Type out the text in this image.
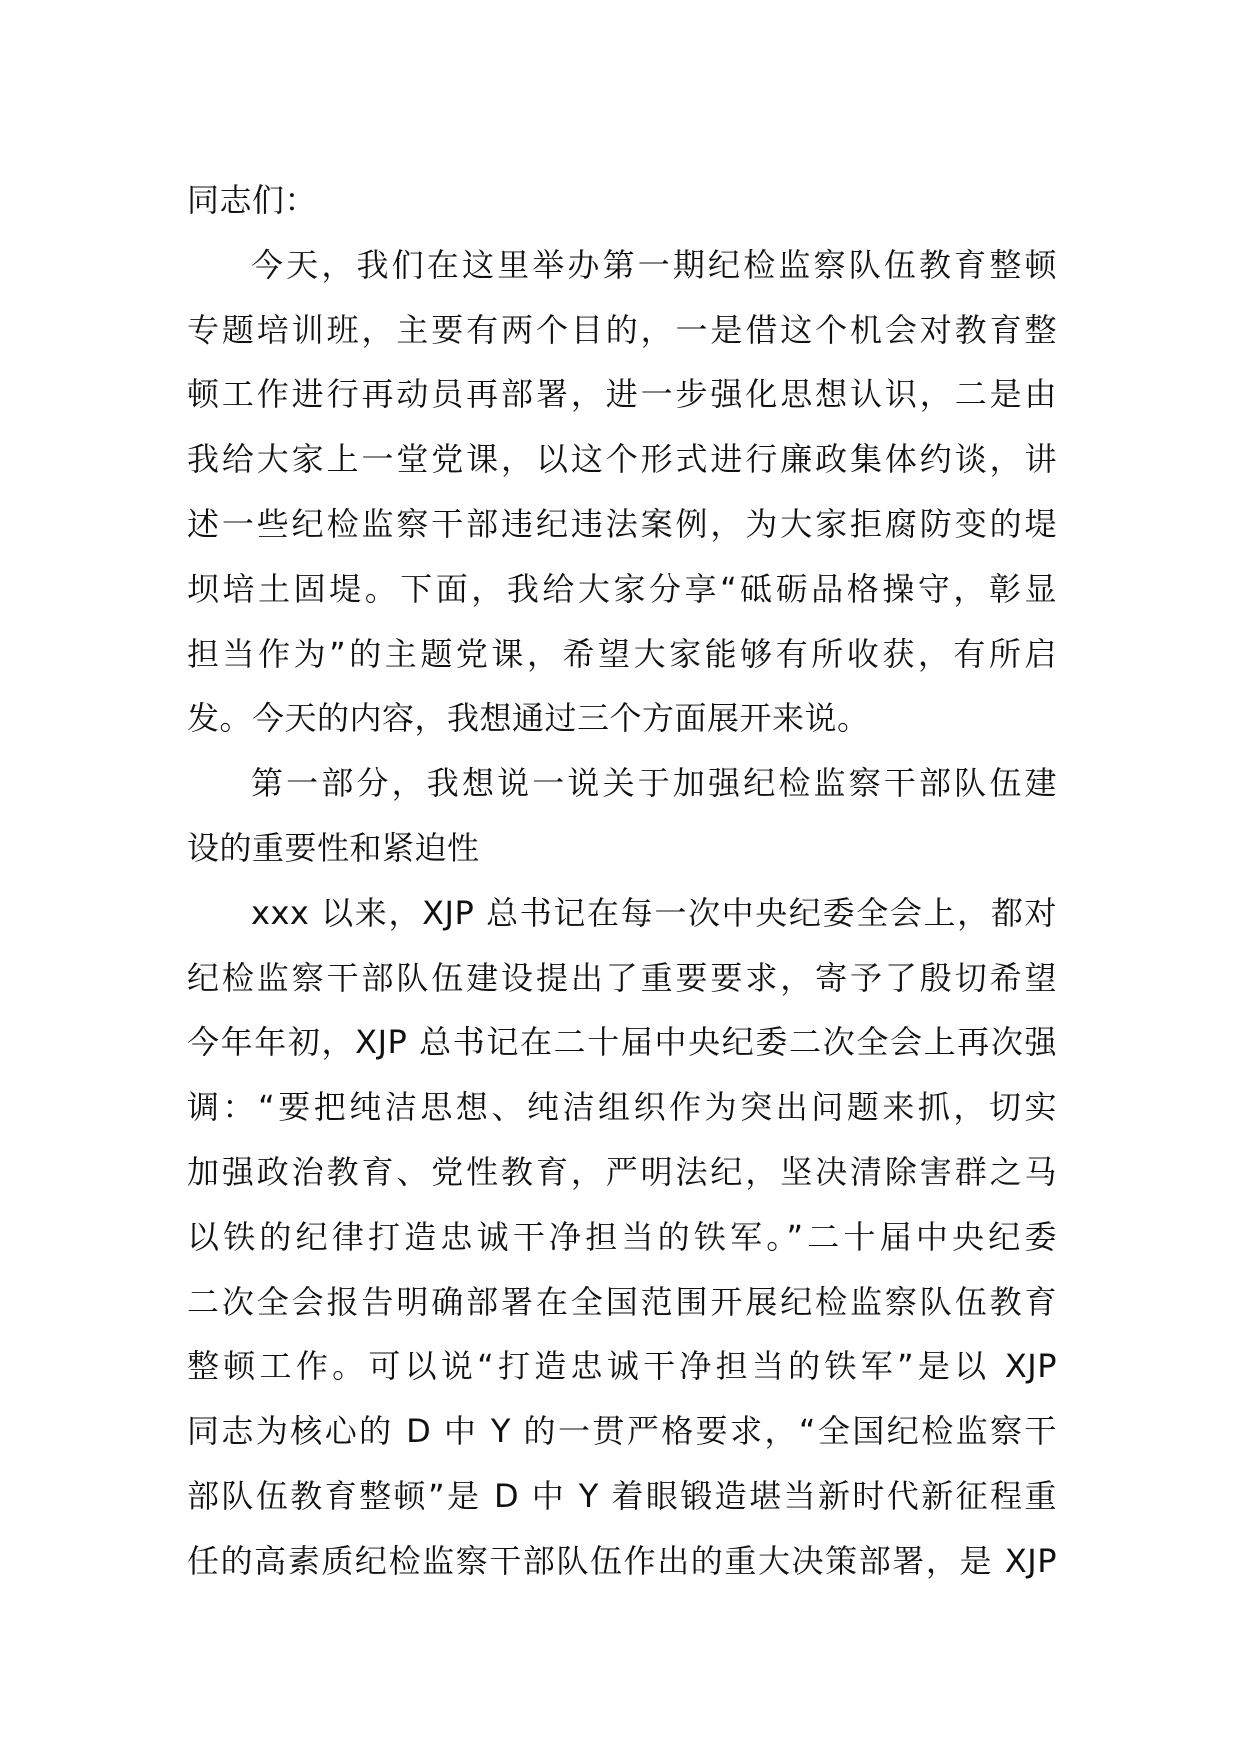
同志们：
今天，我们在这里举办第一期纪检监察队伍教育整顿
专题培训班，主要有两个目的，一是借这个机会对教育整
顿工作进行再动员再部署，进一步强化思想认识，二是由
我给大家上一堂党课，以这个形式进行廉政集体约谈，讲
述一些纪检监察干部违纪违法案例，为大家拒腐防变的堤
坝培土固堤。下面，我给大家分享“砥砺品格操守，彰显
担当作为”的主题党课，希望大家能够有所收获，有所启
发。今天的内容，我想通过三个方面展开来说。
第一部分，我想说一说关于加强纪检监察干部队伍建
设的重要性和紧迫性
xxx 以来，XJP 总书记在每一次中央纪委全会上，都对
纪检监察干部队伍建设提出了重要要求，寄予了殷切希望
今年年初，XJP 总书记在二十届中央纪委二次全会上再次强
调：“要把纯洁思想、纯洁组织作为突出问题来抓，切实
加强政治教育、党性教育，严明法纪，坚决清除害群之马
以铁的纪律打造忠诚干净担当的铁军。”二十届中央纪委
二次全会报告明确部署在全国范围开展纪检监察队伍教育
整顿工作。可以说“打造忠诚干净担当的铁军”是以 XJP
同志为核心的 D 中 Y 的一贯严格要求，“全国纪检监察干
部队伍教育整顿”是 D 中 Y 着眼锻造堪当新时代新征程重
任的高素质纪检监察干部队伍作出的重大决策部署，是 XJP
